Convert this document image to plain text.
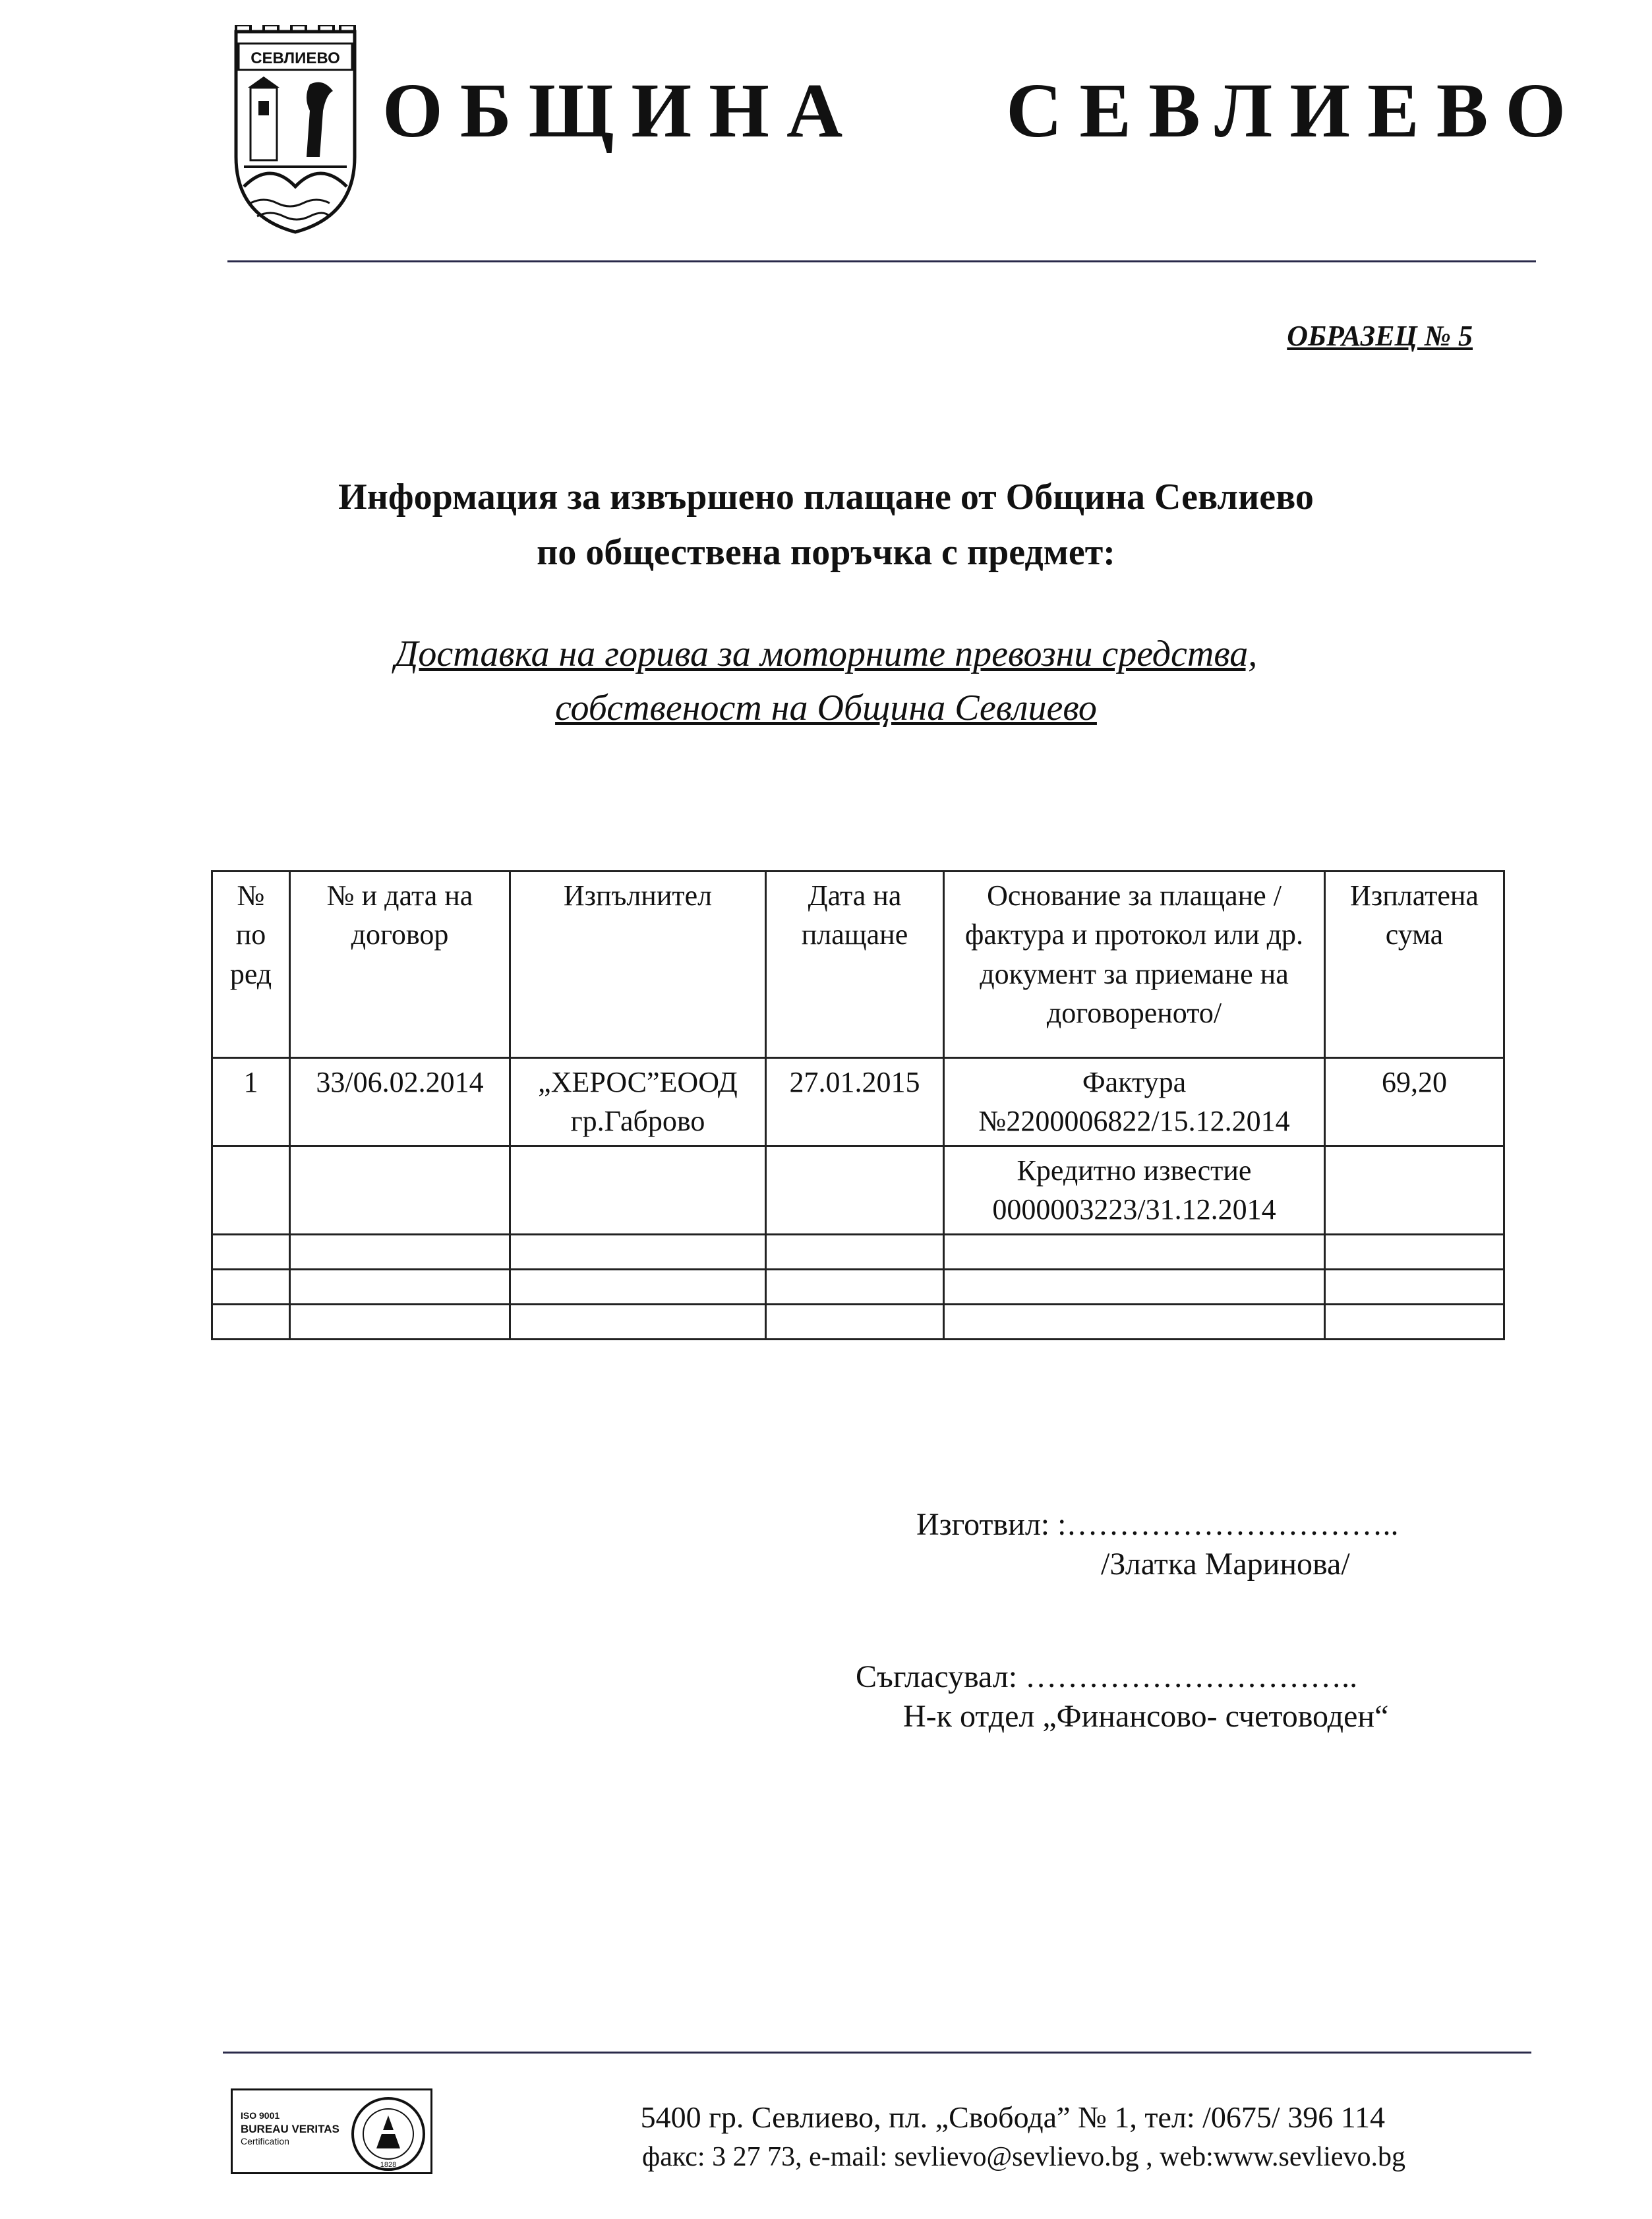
СЕВЛИЕВО
ОБЩИНА    СЕВЛИЕВО
ОБРАЗЕЦ № 5
Информация за извършено плащане от Община Севлиево
по обществена поръчка с предмет:
Доставка на горива за моторните превозни средства,
собственост на Община Севлиево
№ по ред	№ и дата на договор	Изпълнител	Дата на плащане	Основание за плащане /фактура и протокол или др. документ за приемане на договореното/	Изплатена сума
1	33/06.02.2014	„ХЕРОС”ЕООД гр.Габрово	27.01.2015	Фактура №2200006822/15.12.2014	69,20
				Кредитно известие 0000003223/31.12.2014	

Изготвил: :…………………………..
/Златка Маринова/
Съгласувал: …………………………..
Н-к отдел „Финансово- счетоводен“
ISO 9001
BUREAU VERITAS
Certification
1828
5400 гр. Севлиево, пл. „Свобода” № 1, тел: /0675/ 396 114
факс: 3 27 73, e-mail: sevlievo@sevlievo.bg , web:www.sevlievo.bg
